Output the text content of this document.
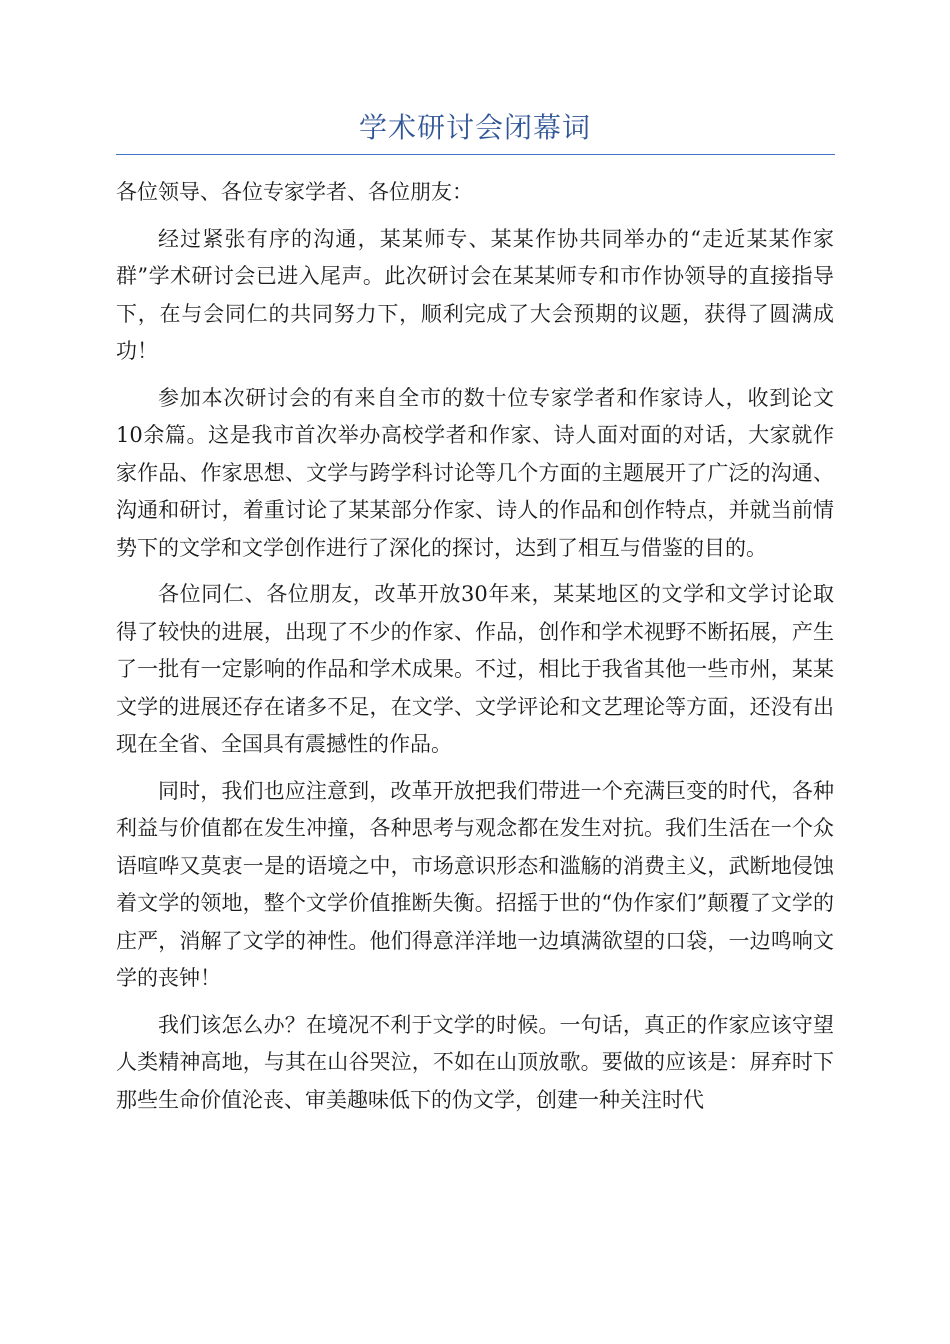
学术研讨会闭幕词

各位领导、各位专家学者、各位朋友：

经过紧张有序的沟通，某某师专、某某作协共同举办的“走近某某作家群”学术研讨会已进入尾声。此次研讨会在某某师专和市作协领导的直接指导下，在与会同仁的共同努力下，顺利完成了大会预期的议题，获得了圆满成功！

参加本次研讨会的有来自全市的数十位专家学者和作家诗人，收到论文10余篇。这是我市首次举办高校学者和作家、诗人面对面的对话，大家就作家作品、作家思想、文学与跨学科讨论等几个方面的主题展开了广泛的沟通、沟通和研讨，着重讨论了某某部分作家、诗人的作品和创作特点，并就当前情势下的文学和文学创作进行了深化的探讨，达到了相互与借鉴的目的。

各位同仁、各位朋友，改革开放30年来，某某地区的文学和文学讨论取得了较快的进展，出现了不少的作家、作品，创作和学术视野不断拓展，产生了一批有一定影响的作品和学术成果。不过，相比于我省其他一些市州，某某文学的进展还存在诸多不足，在文学、文学评论和文艺理论等方面，还没有出现在全省、全国具有震撼性的作品。

同时，我们也应注意到，改革开放把我们带进一个充满巨变的时代，各种利益与价值都在发生冲撞，各种思考与观念都在发生对抗。我们生活在一个众语喧哗又莫衷一是的语境之中，市场意识形态和滥觞的消费主义，武断地侵蚀着文学的领地，整个文学价值推断失衡。招摇于世的“伪作家们”颠覆了文学的庄严，消解了文学的神性。他们得意洋洋地一边填满欲望的口袋，一边鸣响文学的丧钟！

我们该怎么办？在境况不利于文学的时候。一句话，真正的作家应该守望人类精神高地，与其在山谷哭泣，不如在山顶放歌。要做的应该是：屏弃时下那些生命价值沦丧、审美趣味低下的伪文学，创建一种关注时代
